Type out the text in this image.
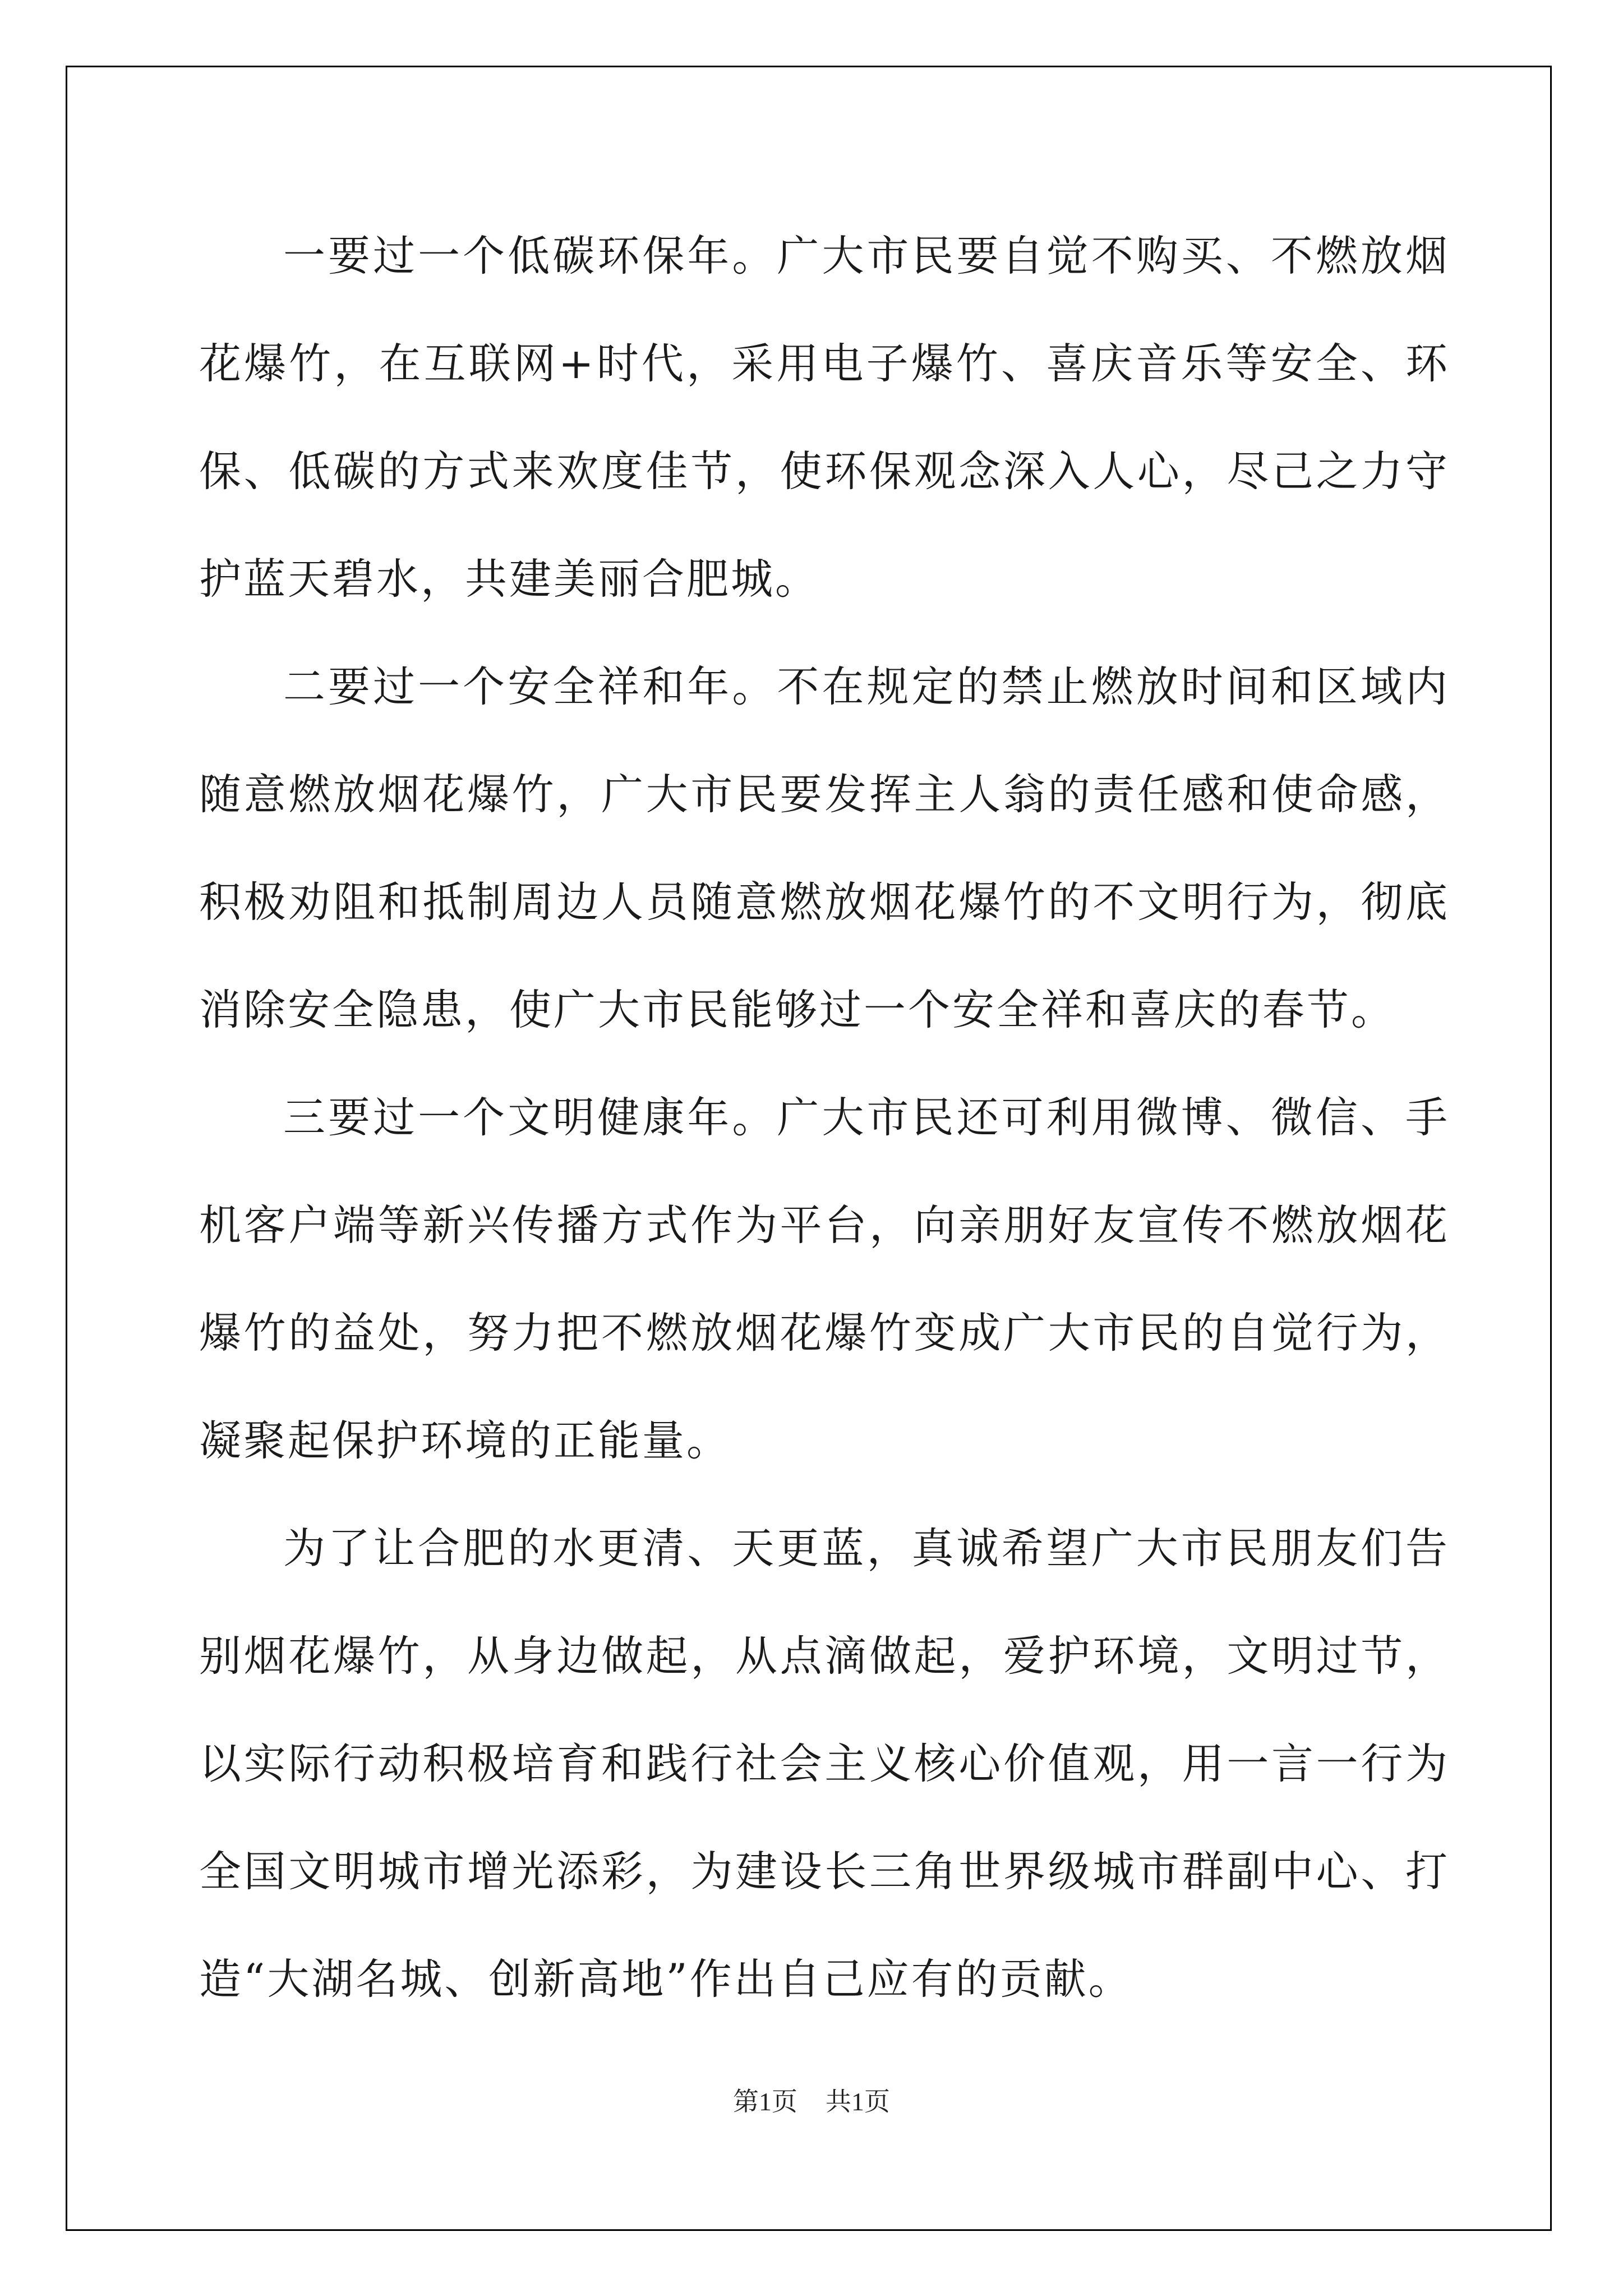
一要过一个低碳环保年。广大市民要自觉不购买、不燃放烟花爆竹，在互联网+时代，采用电子爆竹、喜庆音乐等安全、环保、低碳的方式来欢度佳节，使环保观念深入人心，尽己之力守护蓝天碧水，共建美丽合肥城。

二要过一个安全祥和年。不在规定的禁止燃放时间和区域内随意燃放烟花爆竹，广大市民要发挥主人翁的责任感和使命感，积极劝阻和抵制周边人员随意燃放烟花爆竹的不文明行为，彻底消除安全隐患，使广大市民能够过一个安全祥和喜庆的春节。

三要过一个文明健康年。广大市民还可利用微博、微信、手机客户端等新兴传播方式作为平台，向亲朋好友宣传不燃放烟花爆竹的益处，努力把不燃放烟花爆竹变成广大市民的自觉行为，凝聚起保护环境的正能量。

为了让合肥的水更清、天更蓝，真诚希望广大市民朋友们告别烟花爆竹，从身边做起，从点滴做起，爱护环境，文明过节，以实际行动积极培育和践行社会主义核心价值观，用一言一行为全国文明城市增光添彩，为建设长三角世界级城市群副中心、打造“大湖名城、创新高地”作出自己应有的贡献。

第1页 共1页
